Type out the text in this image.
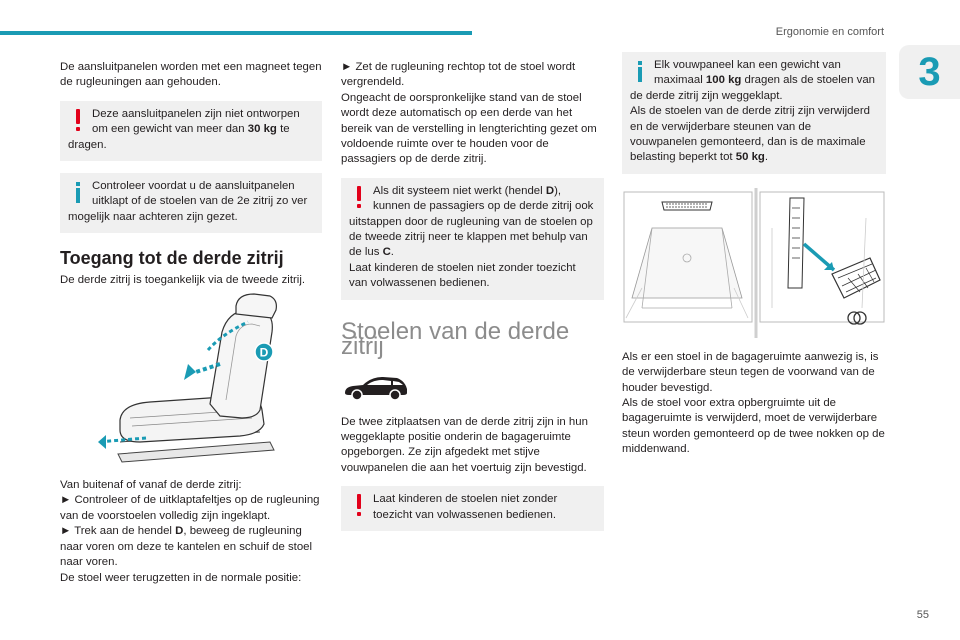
Ergonomie en comfort
3
55

De aansluitpanelen worden met een magneet tegen de rugleuningen aan gehouden.

Deze aansluitpanelen zijn niet ontworpen om een gewicht van meer dan 30 kg te dragen.

Controleer voordat u de aansluitpanelen uitklapt of de stoelen van de 2e zitrij zo ver mogelijk naar achteren zijn gezet.

Toegang tot de derde zitrij

De derde zitrij is toegankelijk via de tweede zitrij.

D

Van buitenaf of vanaf de derde zitrij:

► Controleer of de uitklaptafeltjes op de rugleuning van de voorstoelen volledig zijn ingeklapt.

► Trek aan de hendel D, beweeg de rugleuning naar voren om deze te kantelen en schuif de stoel naar voren.

De stoel weer terugzetten in de normale positie:

► Zet de rugleuning rechtop tot de stoel wordt vergrendeld.

Ongeacht de oorspronkelijke stand van de stoel wordt deze automatisch op een derde van het bereik van de verstelling in lengterichting gezet om voldoende ruimte over te houden voor de passagiers op de derde zitrij.

Als dit systeem niet werkt (hendel D), kunnen de passagiers op de derde zitrij ook uitstappen door de rugleuning van de stoelen op de tweede zitrij neer te klappen met behulp van de lus C.
Laat kinderen de stoelen niet zonder toezicht van volwassenen bedienen.

Stoelen van de derde zitrij

De twee zitplaatsen van de derde zitrij zijn in hun weggeklapte positie onderin de bagageruimte opgeborgen. Ze zijn afgedekt met stijve vouwpanelen die aan het voertuig zijn bevestigd.

Laat kinderen de stoelen niet zonder toezicht van volwassenen bedienen.

Elk vouwpaneel kan een gewicht van maximaal 100 kg dragen als de stoelen van de derde zitrij zijn weggeklapt.
Als de stoelen van de derde zitrij zijn verwijderd en de verwijderbare steunen van de vouwpanelen gemonteerd, dan is de maximale belasting beperkt tot 50 kg.

Als er een stoel in de bagageruimte aanwezig is, is de verwijderbare steun tegen de voorwand van de houder bevestigd.

Als de stoel voor extra opbergruimte uit de bagageruimte is verwijderd, moet de verwijderbare steun worden gemonteerd op de twee nokken op de middenwand.
